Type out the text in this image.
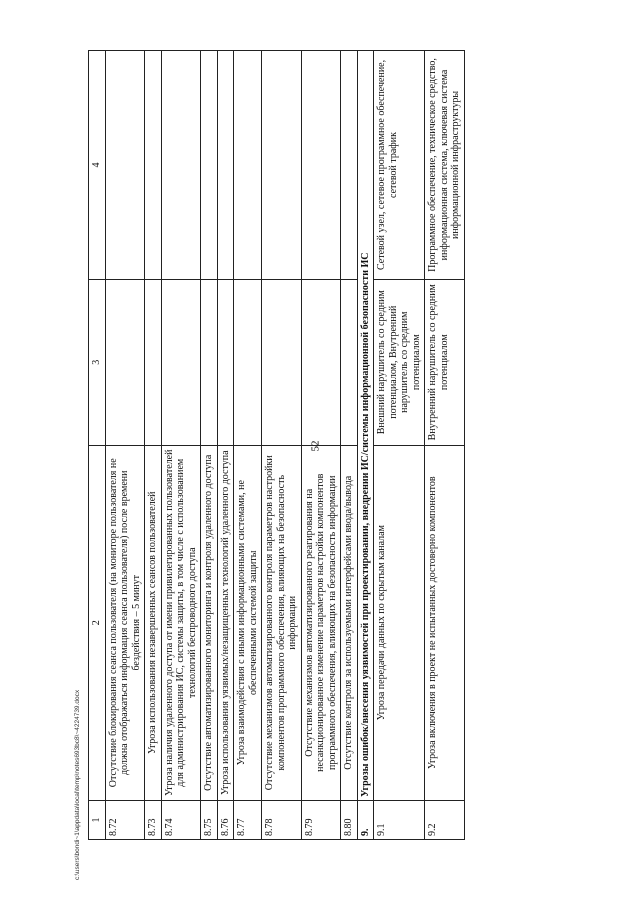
52
1	2	3	4
8.72	Отсутствие блокирования сеанса пользователя (на мониторе пользователя не должна отображаться информация сеанса пользователя) после времени бездействия – 5 минут		
8.73	Угроза использования незавершенных сеансов пользователей		
8.74	Угроза наличия удаленного доступа от имени привилегированных пользователей для администрирования ИС, системы защиты, в том числе с использованием технологий беспроводного доступа		
8.75	Отсутствие автоматизированного мониторинга и контроля удаленного доступа		
8.76	Угроза использования уязвимых/незащищенных технологий удаленного доступа		
8.77	Угроза взаимодействия с иными информационными системами, не обеспеченными системой защиты		
8.78	Отсутствие механизмов автоматизированного контроля параметров настройки компонентов программного обеспечения, влияющих на безопасность информации		
8.79	Отсутствие механизмов автоматизированного реагирования на несанкционированное изменение параметров настройки компонентов программного обеспечения, влияющих на безопасность информации		
8.80	Отсутствие контроля за используемыми интерфейсами ввода/вывода		
9.	Угрозы ошибок/внесения уязвимостей при проектировании, внедрении ИС/системы информационной безопасности ИС		
9.1	Угроза передачи данных по скрытым каналам	Внешний нарушитель со средним потенциалом, Внутренний нарушитель со средним потенциалом	Сетевой узел, сетевое программное обеспечение, сетевой трафик
9.2	Угроза включения в проект не испытанных достоверно компонентов	Внутренний нарушитель со средним потенциалом	Программное обеспечение, техническое средство, информационная система, ключевая система информационной инфраструктуры
c:\users\bondi~1\appdata\local\temp\notes693bc8\~4224739.docx
